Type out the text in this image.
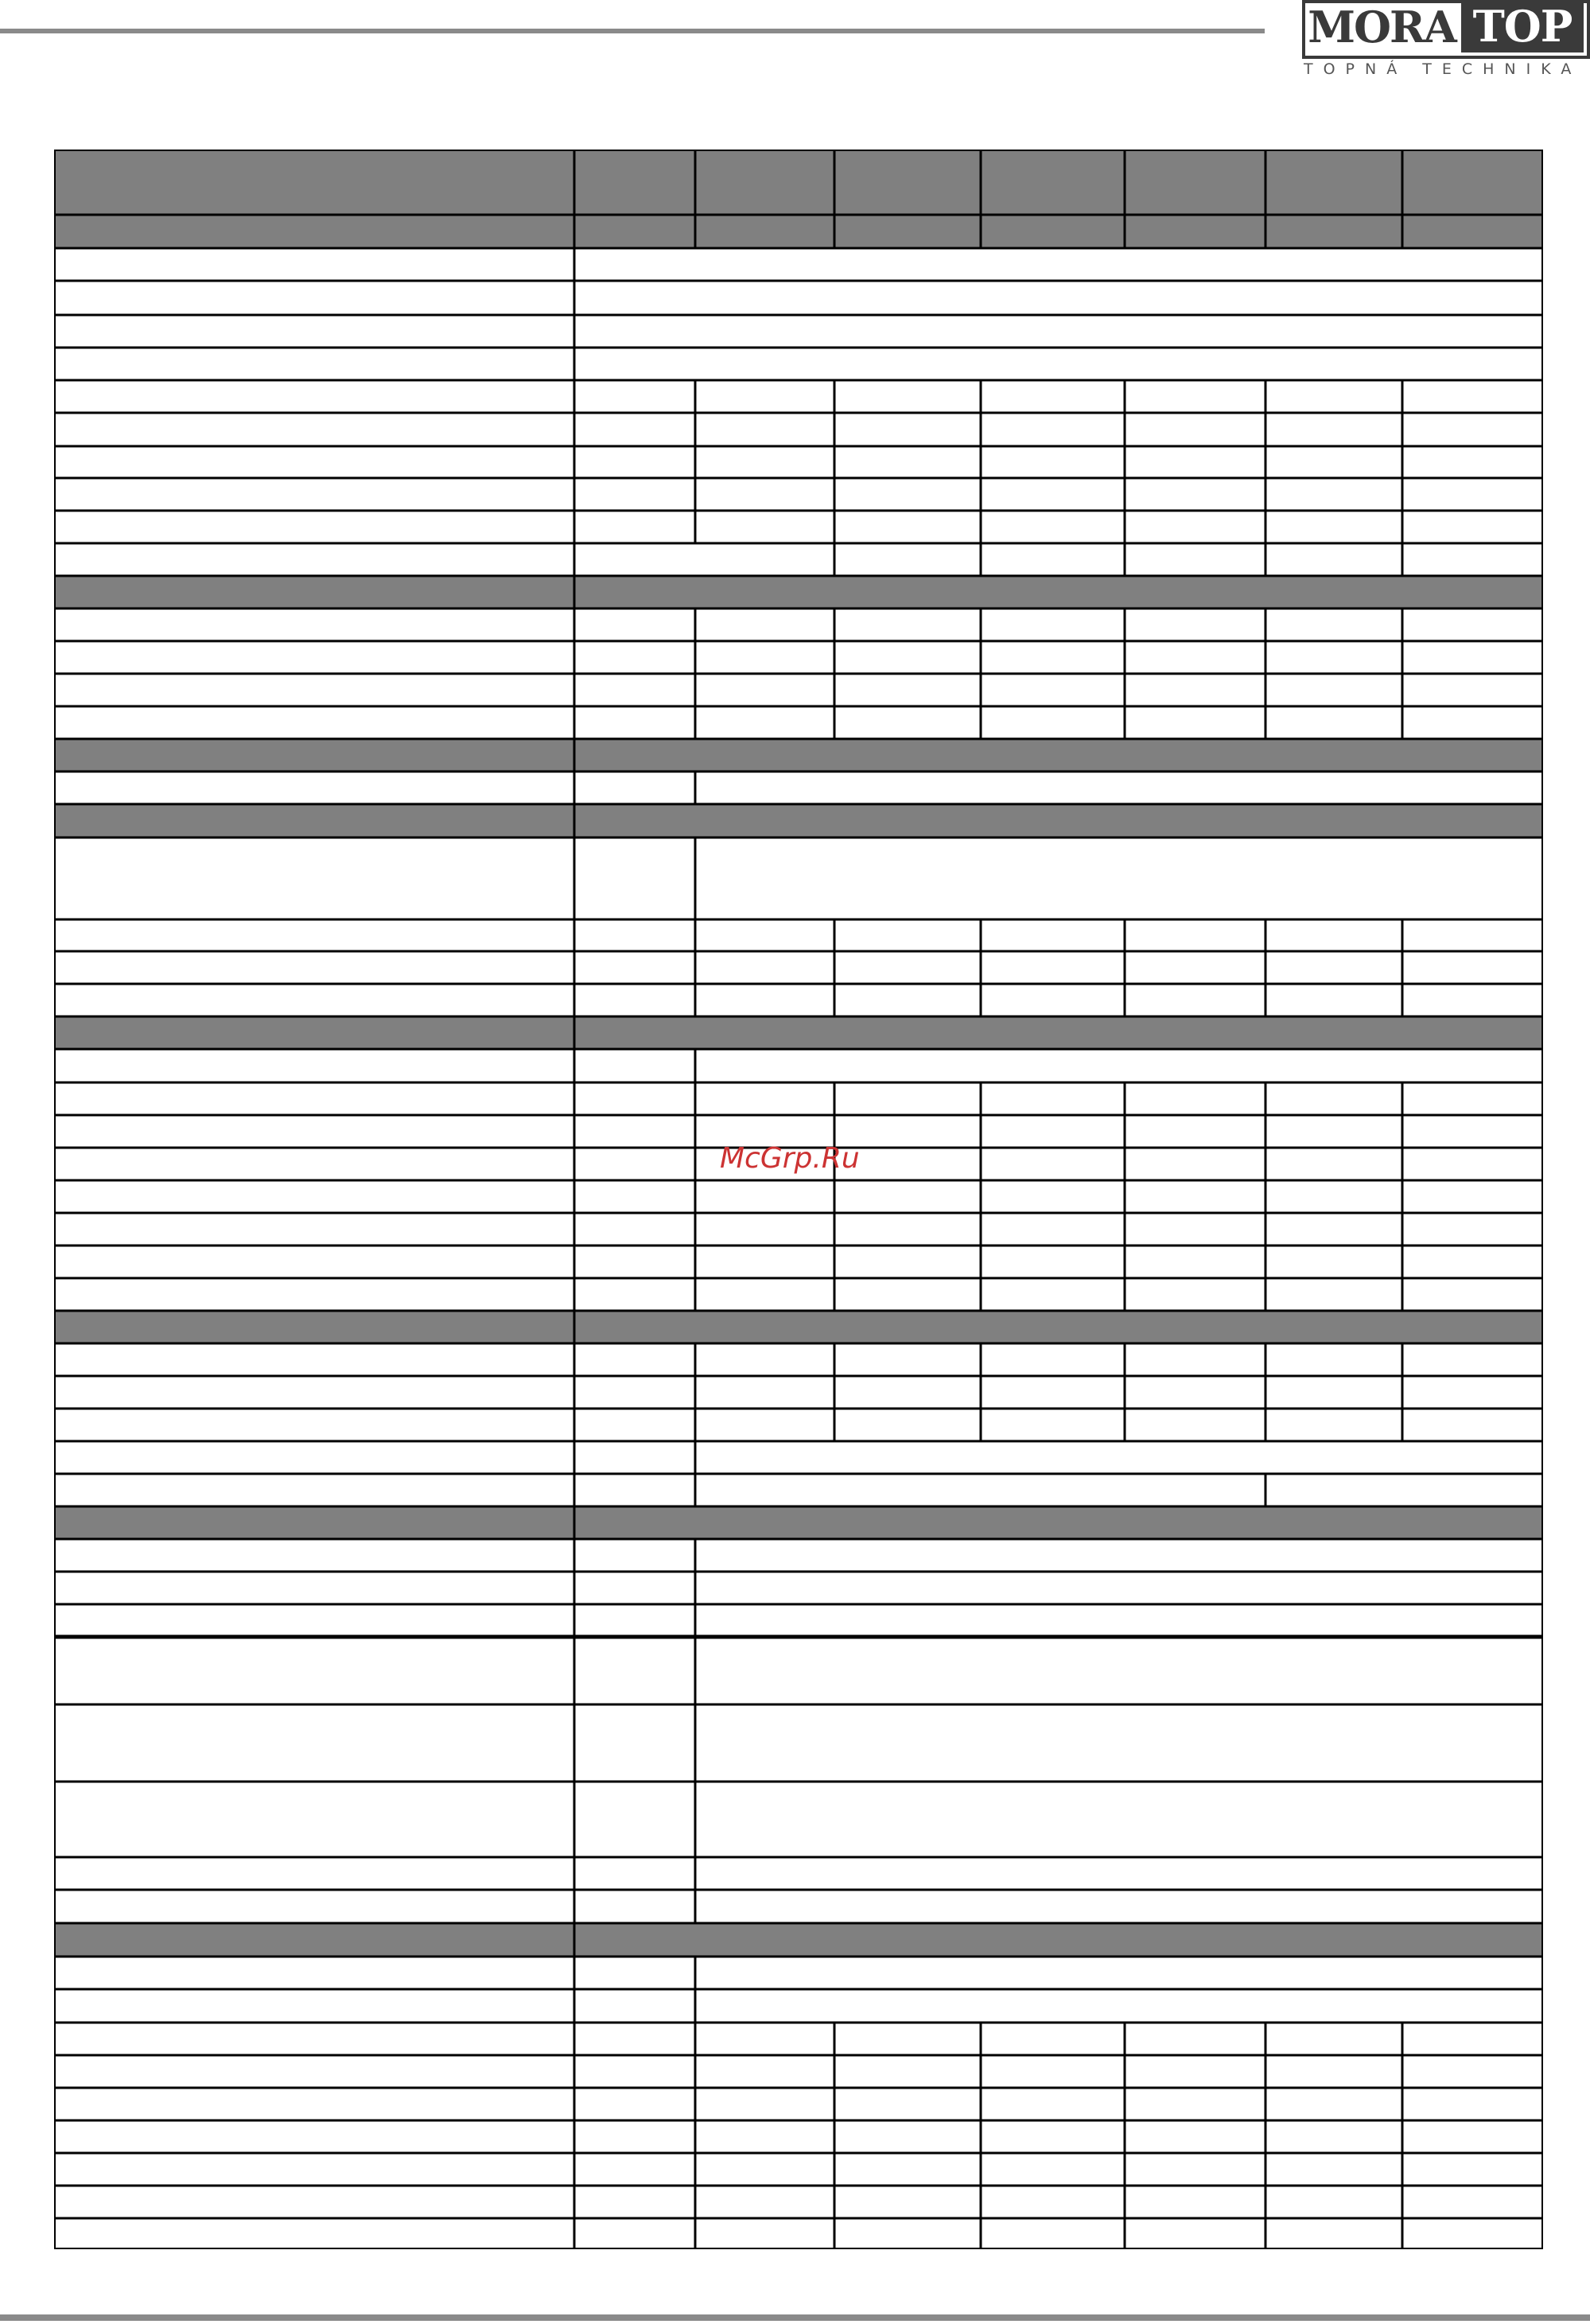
MORA TOP
TOPNÁ TECHNIKA
McGrp.Ru
